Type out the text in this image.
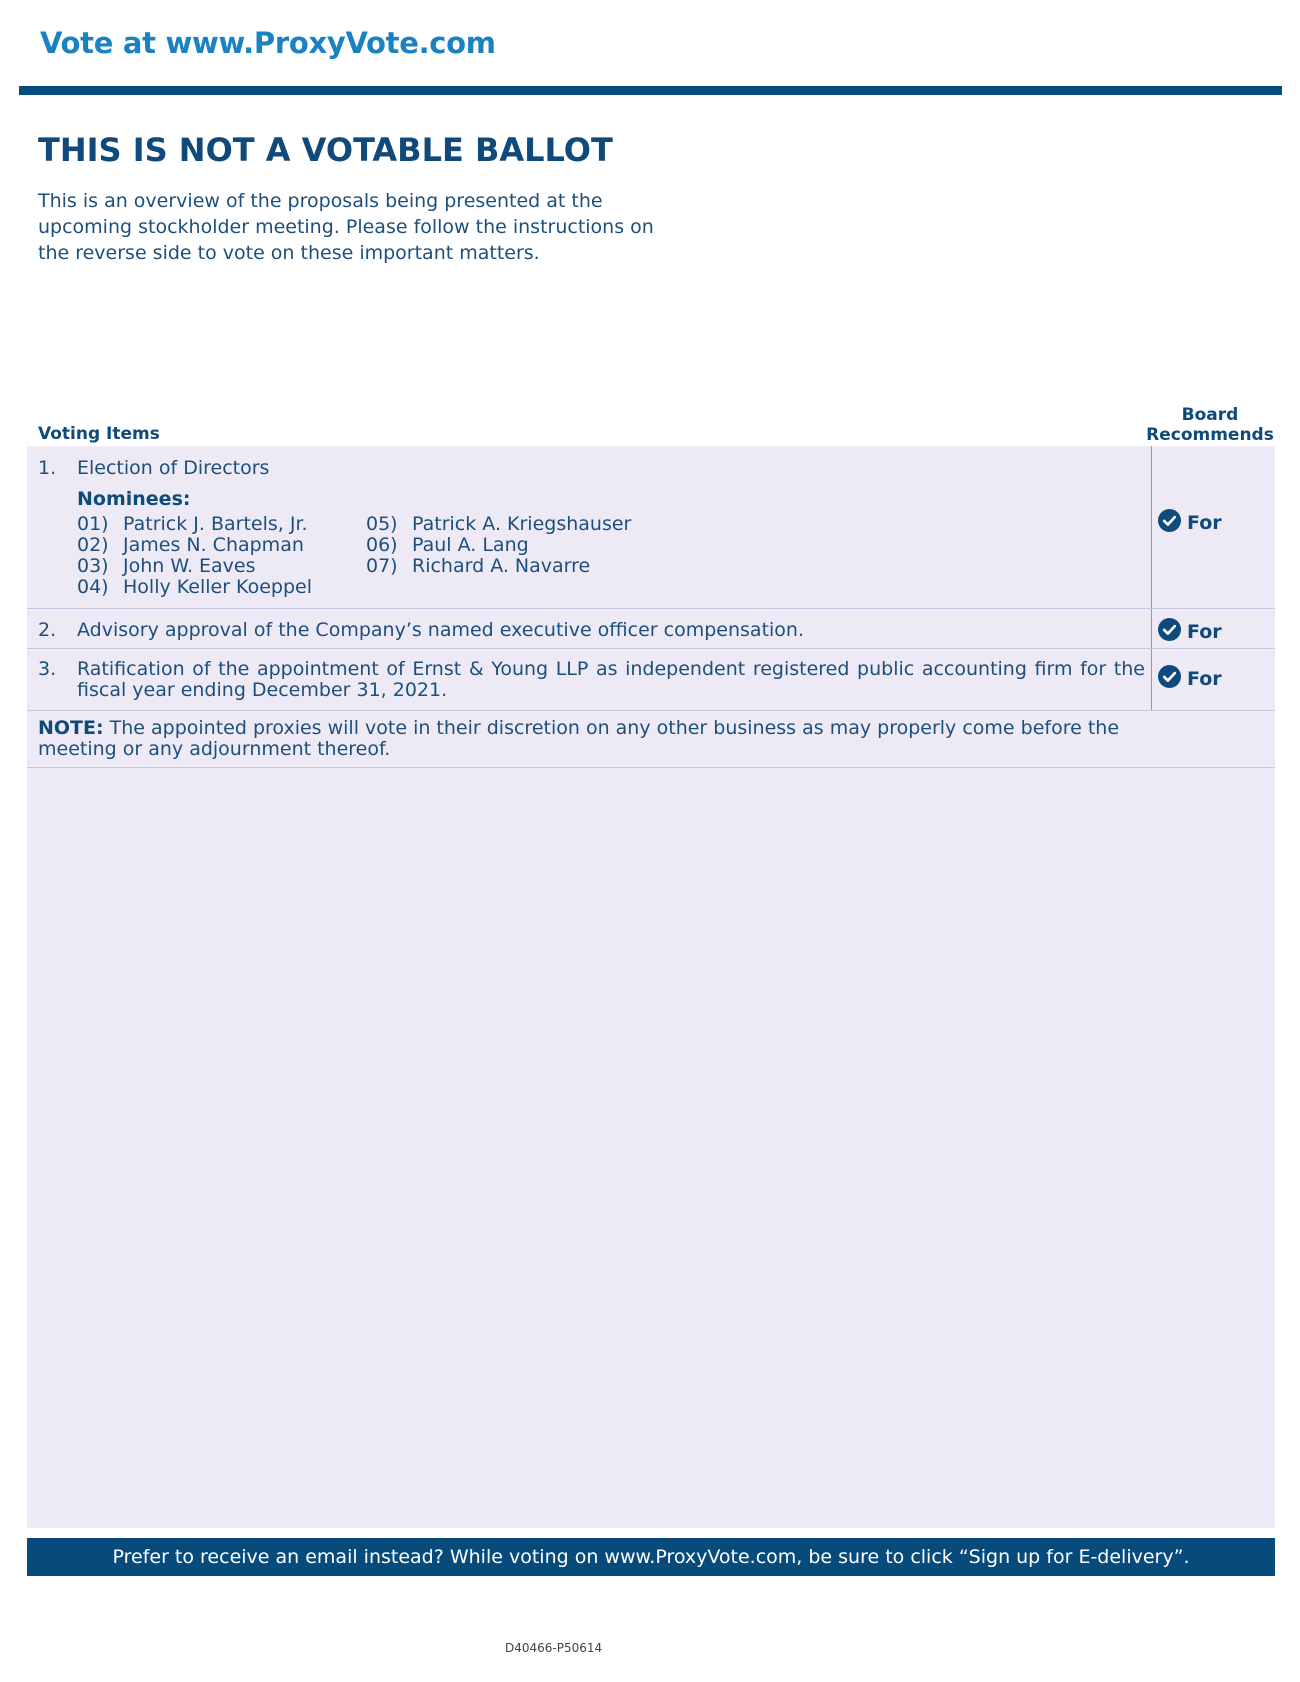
Vote at www.ProxyVote.com
THIS IS NOT A VOTABLE BALLOT
This is an overview of the proposals being presented at the upcoming stockholder meeting. Please follow the instructions on the reverse side to vote on these important matters.
Voting Items
Board
Recommends
1. Election of Directors
Nominees:
01) Patrick J. Bartels, Jr.
02) James N. Chapman
03) John W. Eaves
04) Holly Keller Koeppel
05) Patrick A. Kriegshauser
06) Paul A. Lang
07) Richard A. Navarre
For
2. Advisory approval of the Company’s named executive officer compensation.	For
3. Ratification of the appointment of Ernst & Young LLP as independent registered public accounting firm for the fiscal year ending December 31, 2021.	For
NOTE: The appointed proxies will vote in their discretion on any other business as may properly come before the meeting or any adjournment thereof.
Prefer to receive an email instead? While voting on www.ProxyVote.com, be sure to click “Sign up for E-delivery”.
D40466-P50614
